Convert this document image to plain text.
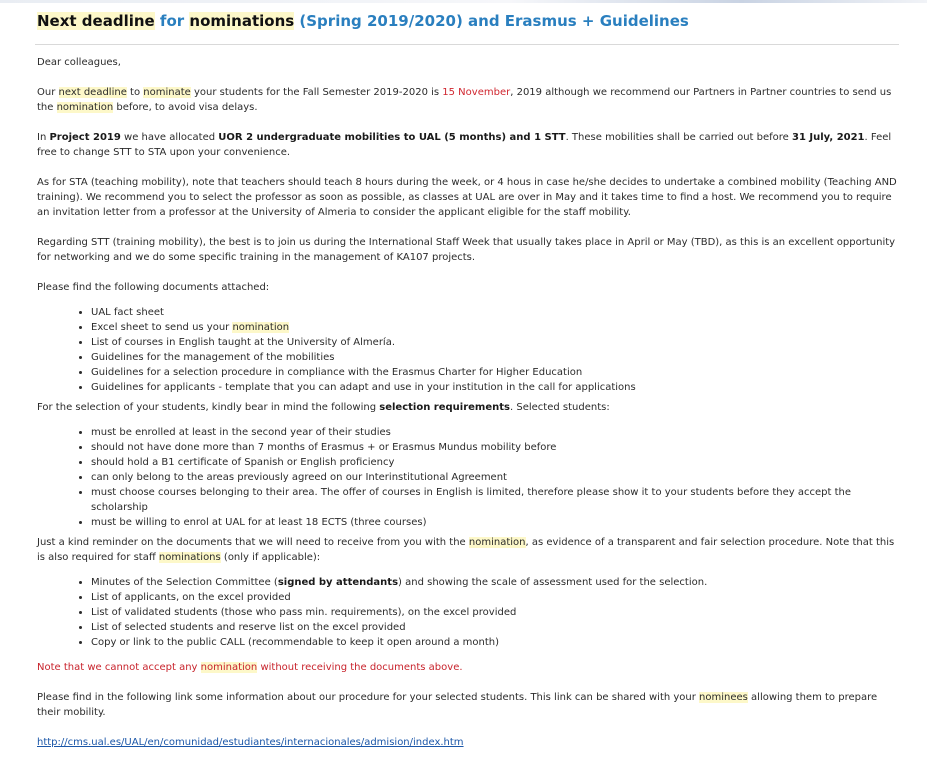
Next deadline for nominations (Spring 2019/2020) and Erasmus + Guidelines

Dear colleagues,

Our next deadline to nominate your students for the Fall Semester 2019-2020 is 15 November, 2019 although we recommend our Partners in Partner countries to send us the nomination before, to avoid visa delays.

In Project 2019 we have allocated UOR 2 undergraduate mobilities to UAL (5 months) and 1 STT. These mobilities shall be carried out before 31 July, 2021. Feel free to change STT to STA upon your convenience.

As for STA (teaching mobility), note that teachers should teach 8 hours during the week, or 4 hous in case he/she decides to undertake a combined mobility (Teaching AND training). We recommend you to select the professor as soon as possible, as classes at UAL are over in May and it takes time to find a host. We recommend you to require an invitation letter from a professor at the University of Almeria to consider the applicant eligible for the staff mobility.

Regarding STT (training mobility), the best is to join us during the International Staff Week that usually takes place in April or May (TBD), as this is an excellent opportunity for networking and we do some specific training in the management of KA107 projects.

Please find the following documents attached:

• UAL fact sheet
• Excel sheet to send us your nomination
• List of courses in English taught at the University of Almería.
• Guidelines for the management of the mobilities
• Guidelines for a selection procedure in compliance with the Erasmus Charter for Higher Education
• Guidelines for applicants - template that you can adapt and use in your institution in the call for applications

For the selection of your students, kindly bear in mind the following selection requirements. Selected students:

• must be enrolled at least in the second year of their studies
• should not have done more than 7 months of Erasmus + or Erasmus Mundus mobility before
• should hold a B1 certificate of Spanish or English proficiency
• can only belong to the areas previously agreed on our Interinstitutional Agreement
• must choose courses belonging to their area. The offer of courses in English is limited, therefore please show it to your students before they accept the scholarship
• must be willing to enrol at UAL for at least 18 ECTS (three courses)

Just a kind reminder on the documents that we will need to receive from you with the nomination, as evidence of a transparent and fair selection procedure. Note that this is also required for staff nominations (only if applicable):

• Minutes of the Selection Committee (signed by attendants) and showing the scale of assessment used for the selection.
• List of applicants, on the excel provided
• List of validated students (those who pass min. requirements), on the excel provided
• List of selected students and reserve list on the excel provided
• Copy or link to the public CALL (recommendable to keep it open around a month)

Note that we cannot accept any nomination without receiving the documents above.

Please find in the following link some information about our procedure for your selected students. This link can be shared with your nominees allowing them to prepare their mobility.

http://cms.ual.es/UAL/en/comunidad/estudiantes/internacionales/admision/index.htm
